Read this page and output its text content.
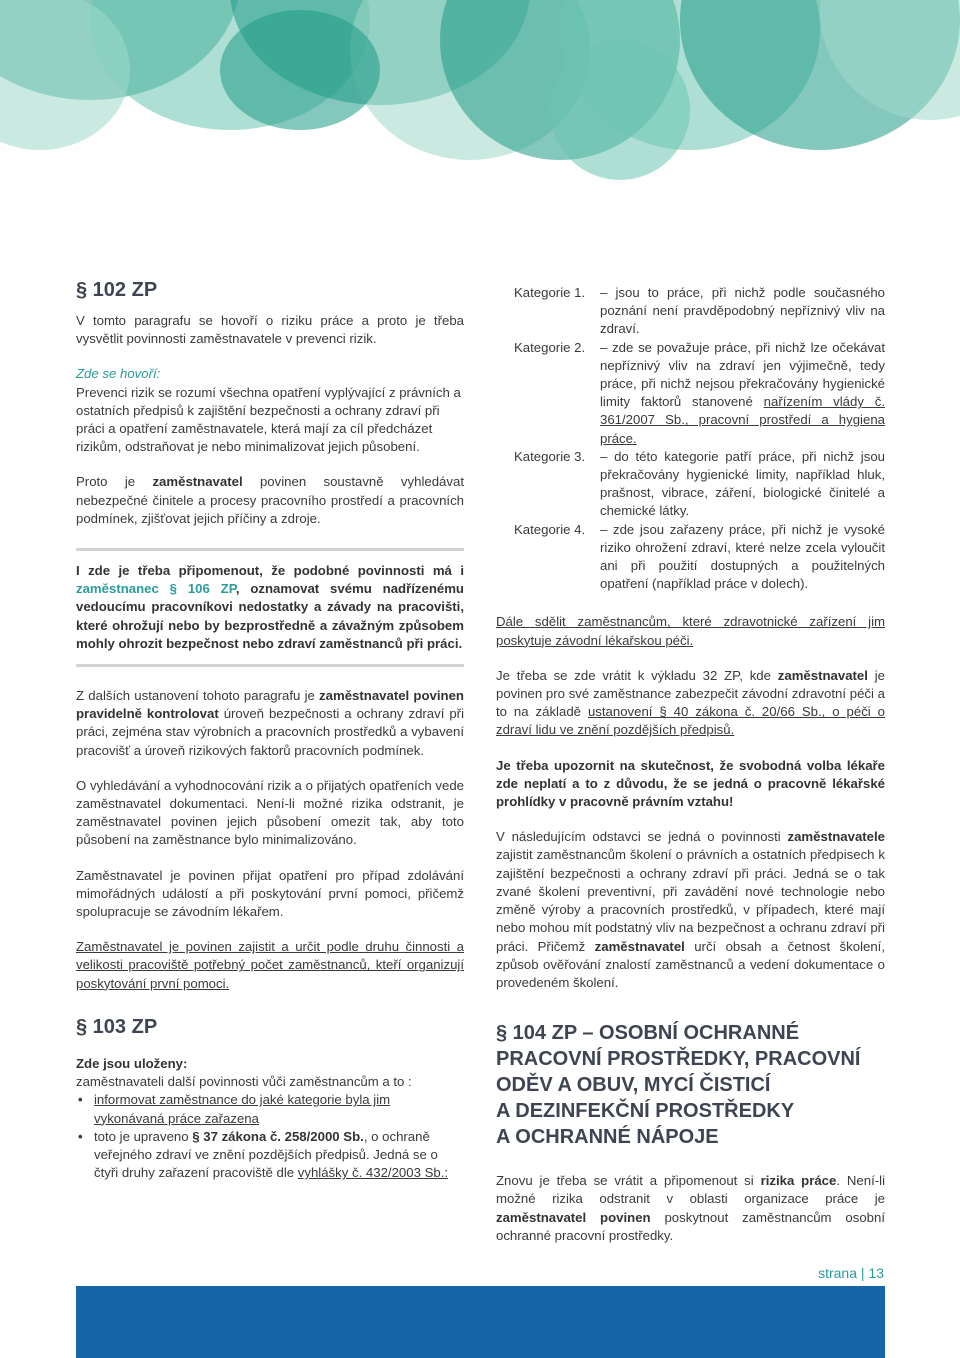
§ 102 ZP

V tomto paragrafu se hovoří o riziku práce a proto je třeba vysvětlit povinnosti zaměstnavatele v prevenci rizik.

Zde se hovoří:

Prevenci rizik se rozumí všechna opatření vyplývající z právních a ostatních předpisů k zajištění bezpečnosti a ochrany zdraví při práci a opatření zaměstnavatele, která mají za cíl předcházet rizikům, odstraňovat je nebo minimalizovat jejich působení.

Proto je zaměstnavatel povinen soustavně vyhledávat nebezpečné činitele a procesy pracovního prostředí a pracovních podmínek, zjišťovat jejich příčiny a zdroje.

I zde je třeba připomenout, že podobné povinnosti má i zaměstnanec § 106 ZP, oznamovat svému nadřízenému vedoucímu pracovníkovi nedostatky a závady na pracovišti, které ohrožují nebo by bezprostředně a závažným způsobem mohly ohrozit bezpečnost nebo zdraví zaměstnanců při práci.

Z dalších ustanovení tohoto paragrafu je zaměstnavatel povinen pravidelně kontrolovat úroveň bezpečnosti a ochrany zdraví při práci, zejména stav výrobních a pracovních prostředků a vybavení pracovišť a úroveň rizikových faktorů pracovních podmínek.

O vyhledávání a vyhodnocování rizik a o přijatých opatřeních vede zaměstnavatel dokumentaci. Není-li možné rizika odstranit, je zaměstnavatel povinen jejich působení omezit tak, aby toto působení na zaměstnance bylo minimalizováno.

Zaměstnavatel je povinen přijat opatření pro případ zdolávání mimořádných událostí a při poskytování první pomoci, přičemž spolupracuje se závodním lékařem.

Zaměstnavatel je povinen zajistit a určit podle druhu činnosti a velikosti pracoviště potřebný počet zaměstnanců, kteří organizují poskytování první pomoci.

§ 103 ZP

Zde jsou uloženy:

zaměstnavateli další povinnosti vůči zaměstnancům a to :

• informovat zaměstnance do jaké kategorie byla jim vykonávaná práce zařazena
• toto je upraveno § 37 zákona č. 258/2000 Sb., o ochraně veřejného zdraví ve znění pozdějších předpisů. Jedná se o čtyři druhy zařazení pracoviště dle vyhlášky č. 432/2003 Sb.:
Kategorie 1.	– jsou to práce, při nichž podle současného poznání není pravděpodobný nepříznivý vliv na zdraví.
Kategorie 2.	– zde se považuje práce, při nichž lze očekávat nepříznivý vliv na zdraví jen výjimečně, tedy práce, při nichž nejsou překračovány hygienické limity faktorů stanovené nařízením vlády č. 361/2007 Sb., pracovní prostředí a hygiena práce.
Kategorie 3.	– do této kategorie patří práce, při nichž jsou překračovány hygienické limity, například hluk, prašnost, vibrace, záření, biologické činitelé a chemické látky.
Kategorie 4.	– zde jsou zařazeny práce, při nichž je vysoké riziko ohrožení zdraví, které nelze zcela vyloučit ani při použití dostupných a použitelných opatření (například práce v dolech).

Dále sdělit zaměstnancům, které zdravotnické zařízení jim poskytuje závodní lékařskou péči.

Je třeba se zde vrátit k výkladu 32 ZP, kde zaměstnavatel je povinen pro své zaměstnance zabezpečit závodní zdravotní péči a to na základě ustanovení § 40 zákona č. 20/66 Sb., o péči o zdraví lidu ve znění pozdějších předpisů.

Je třeba upozornit na skutečnost, že svobodná volba lékaře zde neplatí a to z důvodu, že se jedná o pracovně lékařské prohlídky v pracovně právním vztahu!

V následujícím odstavci se jedná o povinnosti zaměstnavatele zajistit zaměstnancům školení o právních a ostatních předpisech k zajištění bezpečnosti a ochrany zdraví při práci. Jedná se o tak zvané školení preventivní, při zavádění nové technologie nebo změně výroby a pracovních prostředků, v případech, které mají nebo mohou mít podstatný vliv na bezpečnost a ochranu zdraví při práci. Přičemž zaměstnavatel určí obsah a četnost školení, způsob ověřování znalostí zaměstnanců a vedení dokumentace o provedeném školení.

§ 104 ZP – OSOBNÍ OCHRANNÉ
PRACOVNÍ PROSTŘEDKY, PRACOVNÍ
ODĚV A OBUV, MYCÍ ČISTICÍ
A DEZINFEKČNÍ PROSTŘEDKY
A OCHRANNÉ NÁPOJE

Znovu je třeba se vrátit a připomenout si rizika práce. Není-li možné rizika odstranit v oblasti organizace práce je zaměstnavatel povinen poskytnout zaměstnancům osobní ochranné pracovní prostředky.

strana | 13
